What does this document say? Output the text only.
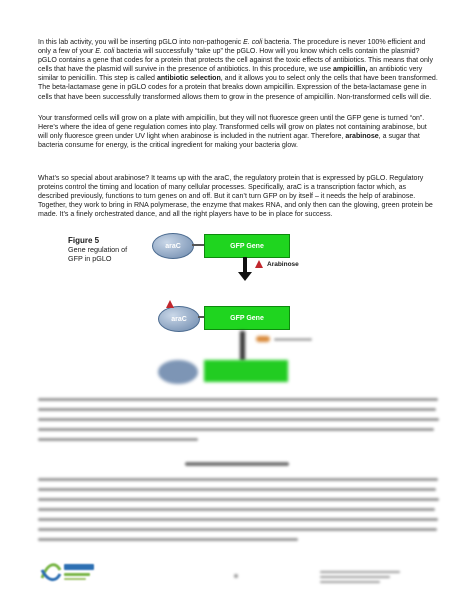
In this lab activity, you will be inserting pGLO into non-pathogenic E. coli bacteria. The procedure is never 100% efficient and only a few of your E. coli bacteria will successfully “take up” the pGLO. How will you know which cells contain the plasmid? pGLO contains a gene that codes for a protein that protects the cell against the toxic effects of antibiotics. This means that only cells that have the plasmid will survive in the presence of antibiotics. In this procedure, we use ampicillin, an antibiotic very similar to penicillin. This step is called antibiotic selection, and it allows you to select only the cells that have been transformed. The beta-lactamase gene in pGLO codes for a protein that breaks down ampicillin. Expression of the beta-lactamase gene in cells that have been successfully transformed allows them to grow in the presence of ampicillin. Non-transformed cells will die.

Your transformed cells will grow on a plate with ampicillin, but they will not fluoresce green until the GFP gene is turned “on”. Here’s where the idea of gene regulation comes into play. Transformed cells will grow on plates not containing arabinose, but will only fluoresce green under UV light when arabinose is included in the nutrient agar. Therefore, arabinose, a sugar that bacteria consume for energy, is the critical ingredient for making your bacteria glow.

What’s so special about arabinose? It teams up with the araC, the regulatory protein that is expressed by pGLO. Regulatory proteins control the timing and location of many cellular processes. Specifically, araC is a transcription factor which, as described previously, functions to turn genes on and off. But it can’t turn GFP on by itself – it needs the help of arabinose. Together, they work to bring in RNA polymerase, the enzyme that makes RNA, and only then can the glowing, green protein be made. It’s a finely orchestrated dance, and all the right players have to be in place for success.

Figure 5
Gene regulation of GFP in pGLO
araC	GFP Gene
Arabinose
araC	GFP Gene
